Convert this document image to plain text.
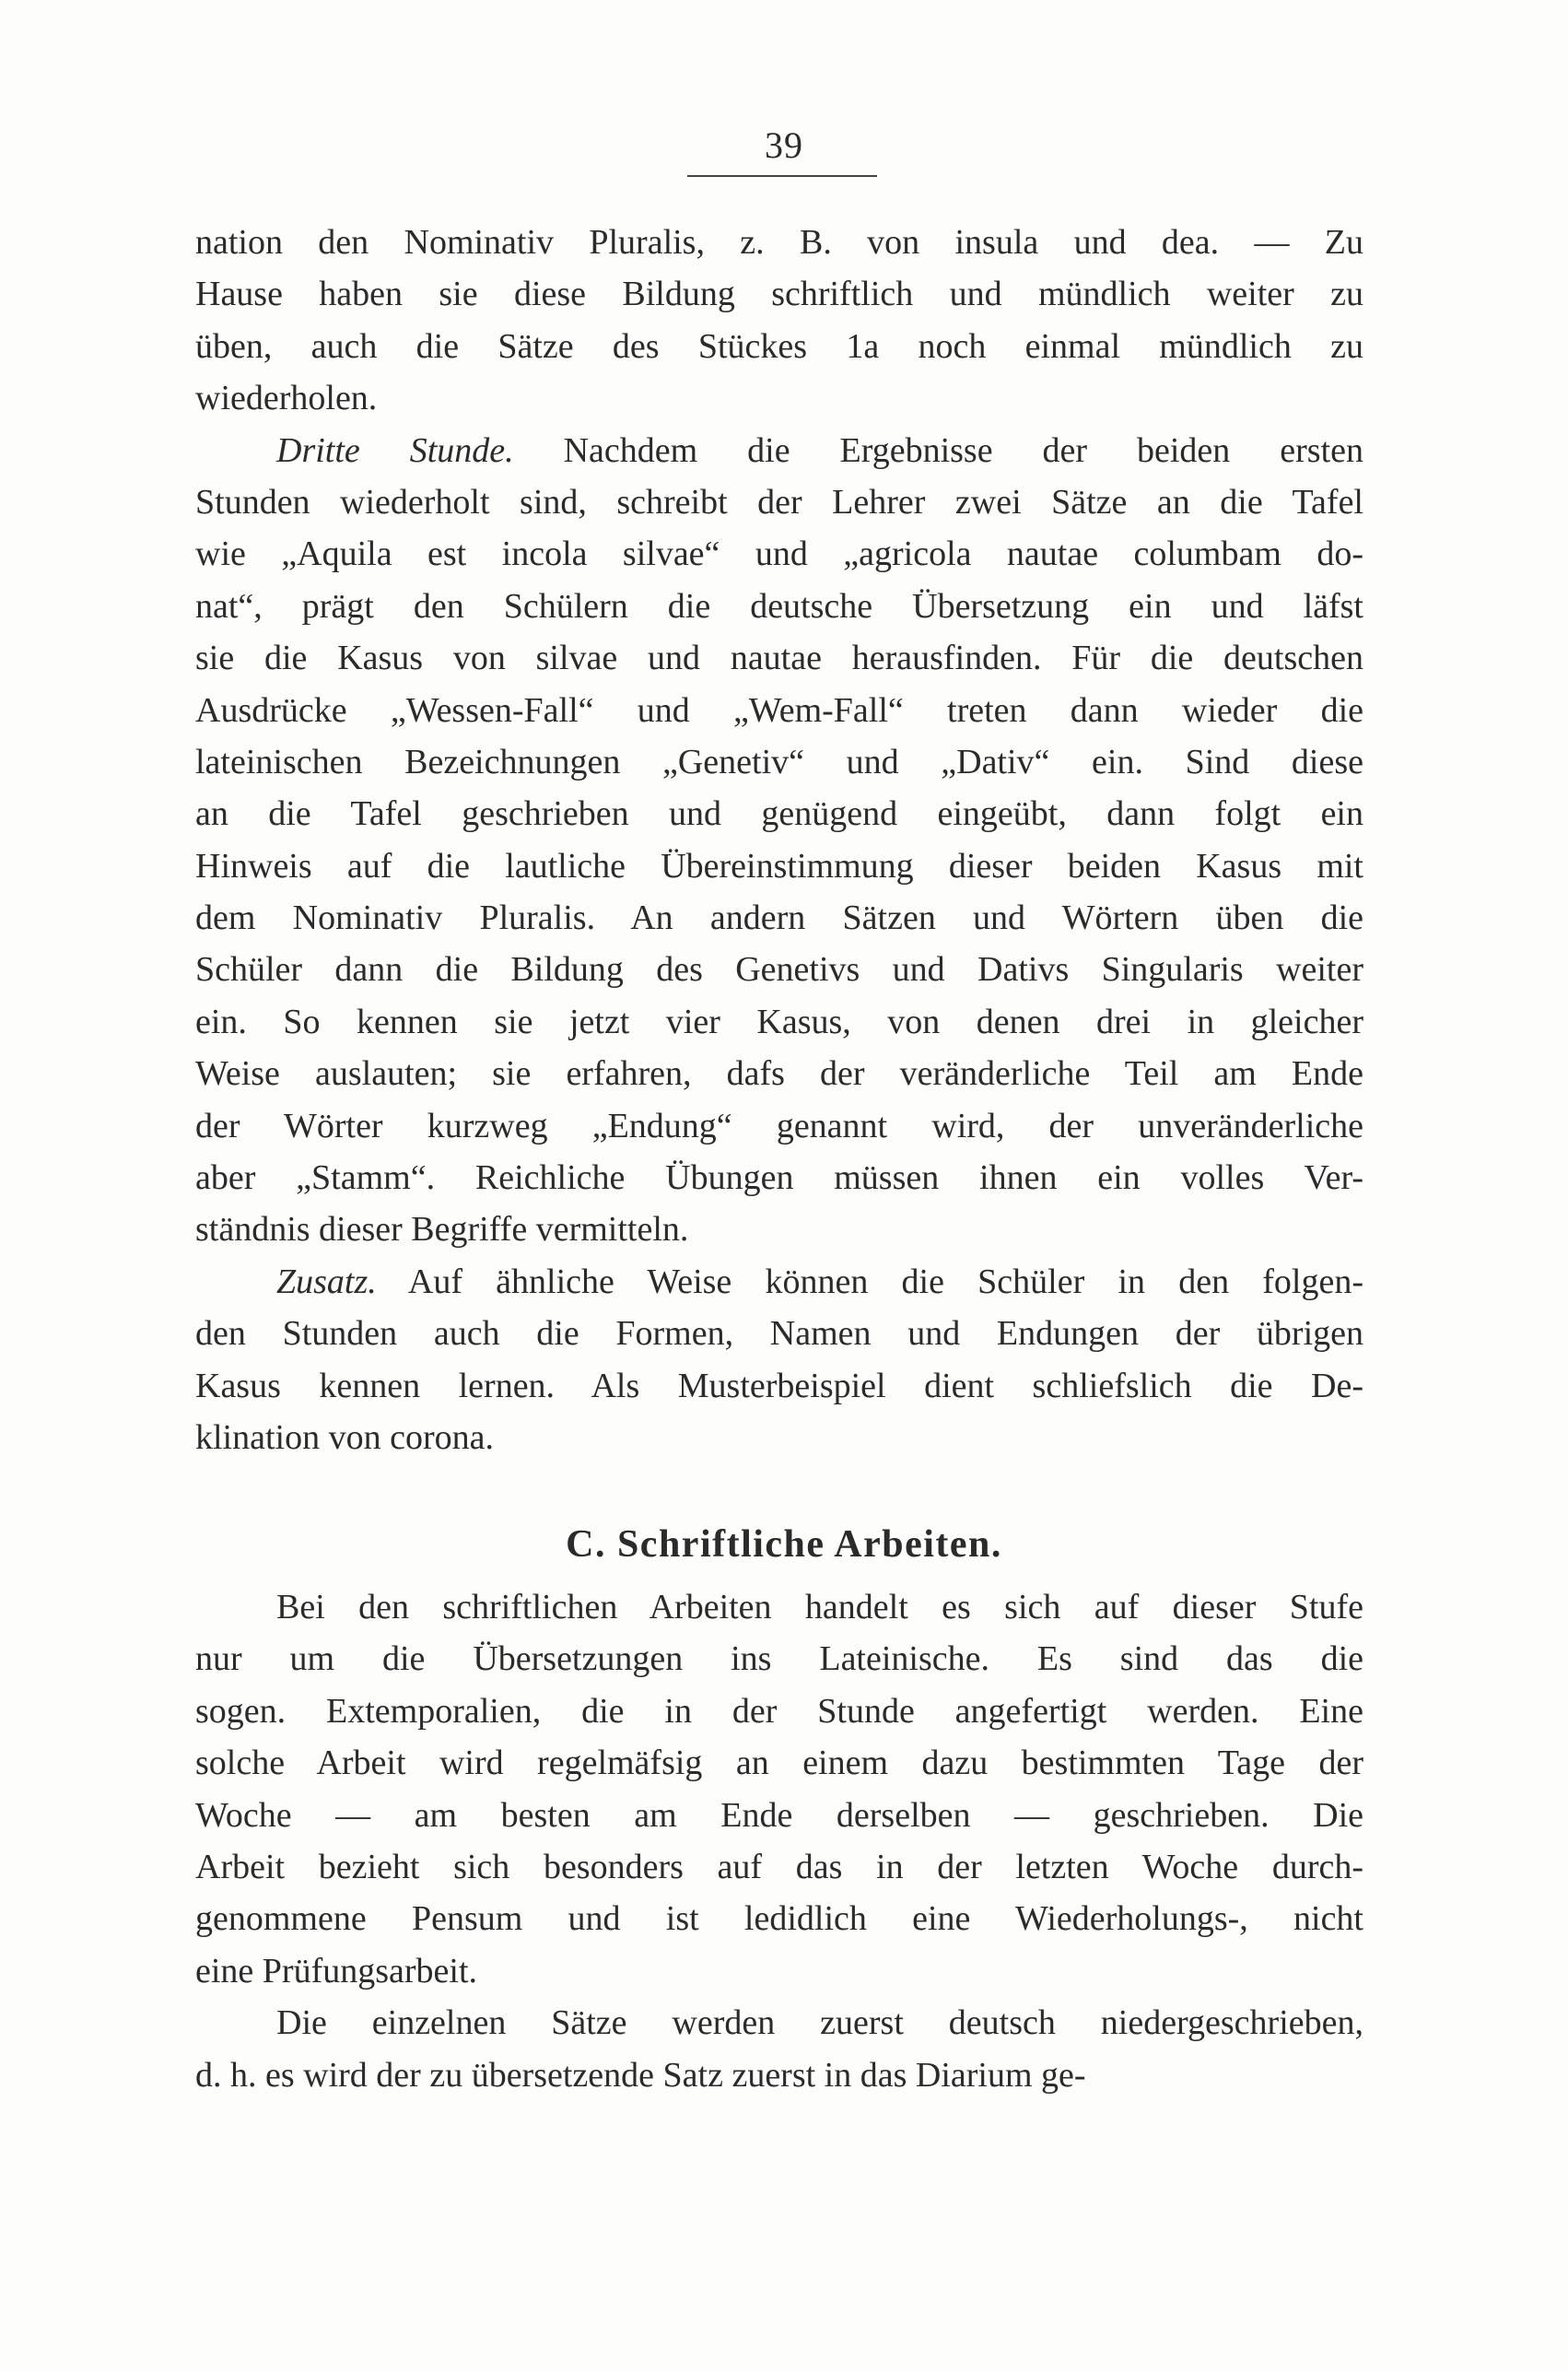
39
nation den Nominativ Pluralis, z. B. von insula und dea. — Zu
Hause haben sie diese Bildung schriftlich und mündlich weiter zu
üben, auch die Sätze des Stückes 1a noch einmal mündlich zu
wiederholen.
Dritte Stunde. Nachdem die Ergebnisse der beiden ersten
Stunden wiederholt sind, schreibt der Lehrer zwei Sätze an die Tafel
wie „Aquila est incola silvae“ und „agricola nautae columbam do-
nat“, prägt den Schülern die deutsche Übersetzung ein und läfst
sie die Kasus von silvae und nautae herausfinden. Für die deutschen
Ausdrücke „Wessen-Fall“ und „Wem-Fall“ treten dann wieder die
lateinischen Bezeichnungen „Genetiv“ und „Dativ“ ein. Sind diese
an die Tafel geschrieben und genügend eingeübt, dann folgt ein
Hinweis auf die lautliche Übereinstimmung dieser beiden Kasus mit
dem Nominativ Pluralis. An andern Sätzen und Wörtern üben die
Schüler dann die Bildung des Genetivs und Dativs Singularis weiter
ein. So kennen sie jetzt vier Kasus, von denen drei in gleicher
Weise auslauten; sie erfahren, dafs der veränderliche Teil am Ende
der Wörter kurzweg „Endung“ genannt wird, der unveränderliche
aber „Stamm“. Reichliche Übungen müssen ihnen ein volles Ver-
ständnis dieser Begriffe vermitteln.
Zusatz. Auf ähnliche Weise können die Schüler in den folgen-
den Stunden auch die Formen, Namen und Endungen der übrigen
Kasus kennen lernen. Als Musterbeispiel dient schliefslich die De-
klination von corona.
C. Schriftliche Arbeiten.
Bei den schriftlichen Arbeiten handelt es sich auf dieser Stufe
nur um die Übersetzungen ins Lateinische. Es sind das die
sogen. Extemporalien, die in der Stunde angefertigt werden. Eine
solche Arbeit wird regelmäfsig an einem dazu bestimmten Tage der
Woche — am besten am Ende derselben — geschrieben. Die
Arbeit bezieht sich besonders auf das in der letzten Woche durch-
genommene Pensum und ist ledidlich eine Wiederholungs-, nicht
eine Prüfungsarbeit.
Die einzelnen Sätze werden zuerst deutsch niedergeschrieben,
d. h. es wird der zu übersetzende Satz zuerst in das Diarium ge-
